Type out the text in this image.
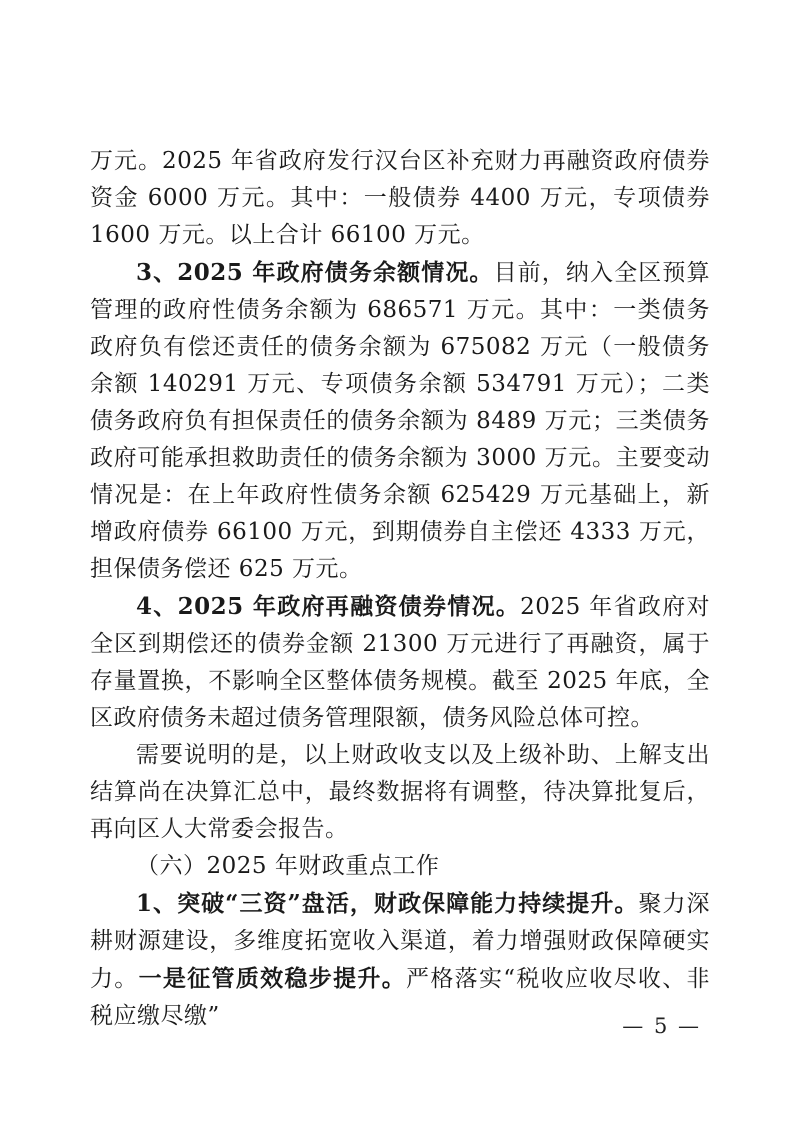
万元。2025 年省政府发行汉台区补充财力再融资政府债券资金 6000 万元。其中：一般债券 4400 万元，专项债券 1600 万元。以上合计 66100 万元。

3、2025 年政府债务余额情况。目前，纳入全区预算管理的政府性债务余额为 686571 万元。其中：一类债务政府负有偿还责任的债务余额为 675082 万元（一般债务余额 140291 万元、专项债务余额 534791 万元）；二类债务政府负有担保责任的债务余额为 8489 万元；三类债务政府可能承担救助责任的债务余额为 3000 万元。主要变动情况是：在上年政府性债务余额 625429 万元基础上，新增政府债券 66100 万元，到期债券自主偿还 4333 万元，担保债务偿还 625 万元。

4、2025 年政府再融资债券情况。2025 年省政府对全区到期偿还的债券金额 21300 万元进行了再融资，属于存量置换，不影响全区整体债务规模。截至 2025 年底，全区政府债务未超过债务管理限额，债务风险总体可控。

需要说明的是，以上财政收支以及上级补助、上解支出结算尚在决算汇总中，最终数据将有调整，待决算批复后，再向区人大常委会报告。

（六）2025 年财政重点工作

1、突破“三资”盘活，财政保障能力持续提升。聚力深耕财源建设，多维度拓宽收入渠道，着力增强财政保障硬实力。一是征管质效稳步提升。严格落实“税收应收尽收、非税应缴尽缴”	— 5 —
